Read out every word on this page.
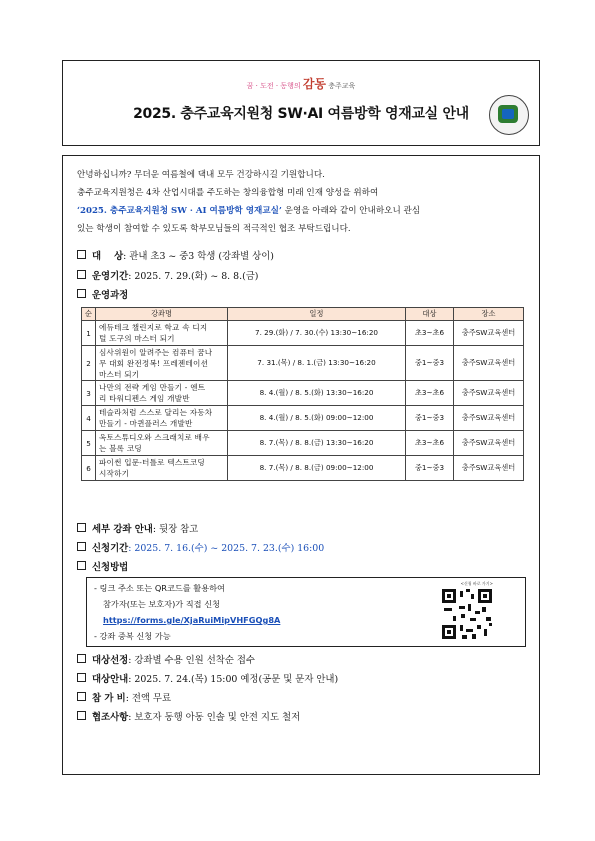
꿈 · 도전 · 동행의 감동 충주교육
2025. 충주교육지원청 SW·AI 여름방학 영재교실 안내
안녕하십니까? 무더운 여름철에 댁내 모두 건강하시길 기원합니다.
충주교육지원청은 4차 산업시대를 주도하는 창의융합형 미래 인재 양성을 위하여
‘2025. 충주교육지원청 SW · AI 여름방학 영재교실’ 운영을 아래와 같이 안내하오니 관심
있는 학생이 참여할 수 있도록 학부모님들의 적극적인 협조 부탁드립니다.
대    상: 관내 초3 ~ 중3 학생 (강좌별 상이)
운영기간: 2025. 7. 29.(화) ~ 8. 8.(금)
운영과정
순	강좌명	일정	대상	장소
1	에듀테크 챌린지로 학교 속 디지
털 도구의 마스터 되기	7. 29.(화) / 7. 30.(수) 13:30~16:20	초3~초6	충주SW교육센터
2	심사위원이 알려주는 컴퓨터 꿈나
무 대회 완전정복! 프레젠테이션
마스터 되기	7. 31.(목) / 8. 1.(금) 13:30~16:20	중1~중3	충주SW교육센터
3	나만의 전략 게임 만들기 - 엔트
리 타워디펜스 게임 개발반	8. 4.(월) / 8. 5.(화) 13:30~16:20	초3~초6	충주SW교육센터
4	테슬라처럼 스스로 달리는 자동차
만들기 - 마퀸플러스 개발반	8. 4.(월) / 8. 5.(화) 09:00~12:00	중1~중3	충주SW교육센터
5	옥토스튜디오와 스크래치로 배우
는 블록 코딩	8. 7.(목) / 8. 8.(금) 13:30~16:20	초3~초6	충주SW교육센터
6	파이썬 입문-터틀로 텍스트코딩
시작하기	8. 7.(목) / 8. 8.(금) 09:00~12:00	중1~중3	충주SW교육센터
세부 강좌 안내: 뒷장 참고
신청기간: 2025. 7. 16.(수) ~ 2025. 7. 23.(수) 16:00
신청방법
- 링크 주소 또는 QR코드를 활용하여
참가자(또는 보호자)가 직접 신청
https://forms.gle/XjaRuiMipVHFGQg8A
- 강좌 중복 신청 가능
<신청 바로 가기>
대상선정: 강좌별 수용 인원 선착순 접수
대상안내: 2025. 7. 24.(목) 15:00 예정(공문 및 문자 안내)
참 가 비: 전액 무료
협조사항: 보호자 동행 아동 인솔 및 안전 지도 철저
